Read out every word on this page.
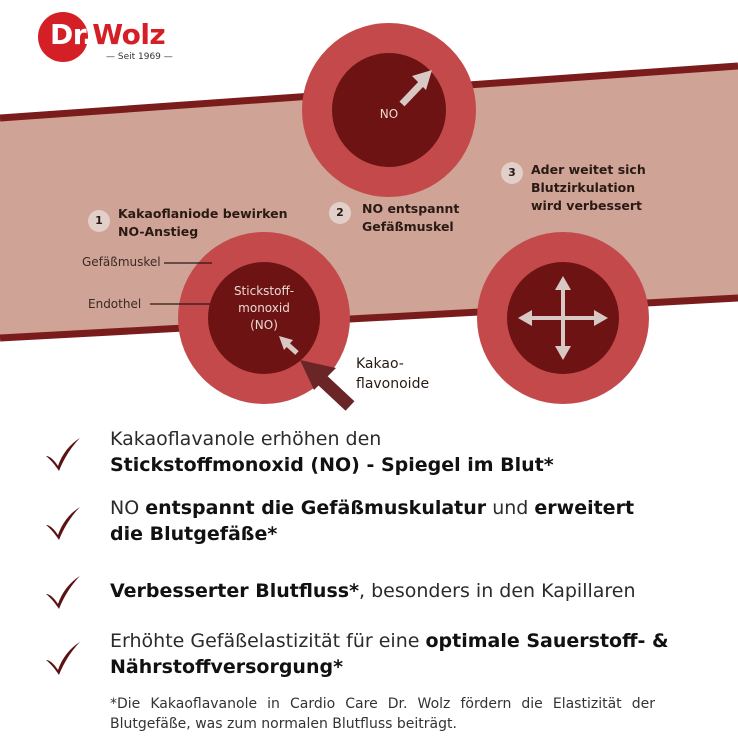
Dr.Wolz
— Seit 1969 —
NO
Stickstoff-
monoxid
(NO)
1	Kakaoflaniode bewirken
NO-Anstieg
2	NO entspannt
Gefäßmuskel
3	Ader weitet sich
Blutzirkulation
wird verbessert
Gefäßmuskel
Endothel
Kakao-
flavonoide
Kakaoflavanole erhöhen den
Stickstoffmonoxid (NO) - Spiegel im Blut*
NO entspannt die Gefäßmuskulatur und erweitert
die Blutgefäße*
Verbesserter Blutfluss*, besonders in den Kapillaren
Erhöhte Gefäßelastizität für eine optimale Sauerstoff- &
Nährstoffversorgung*
*Die Kakaoflavanole in Cardio Care Dr. Wolz fördern die Elastizität der Blutgefäße, was zum normalen Blutfluss beiträgt.
